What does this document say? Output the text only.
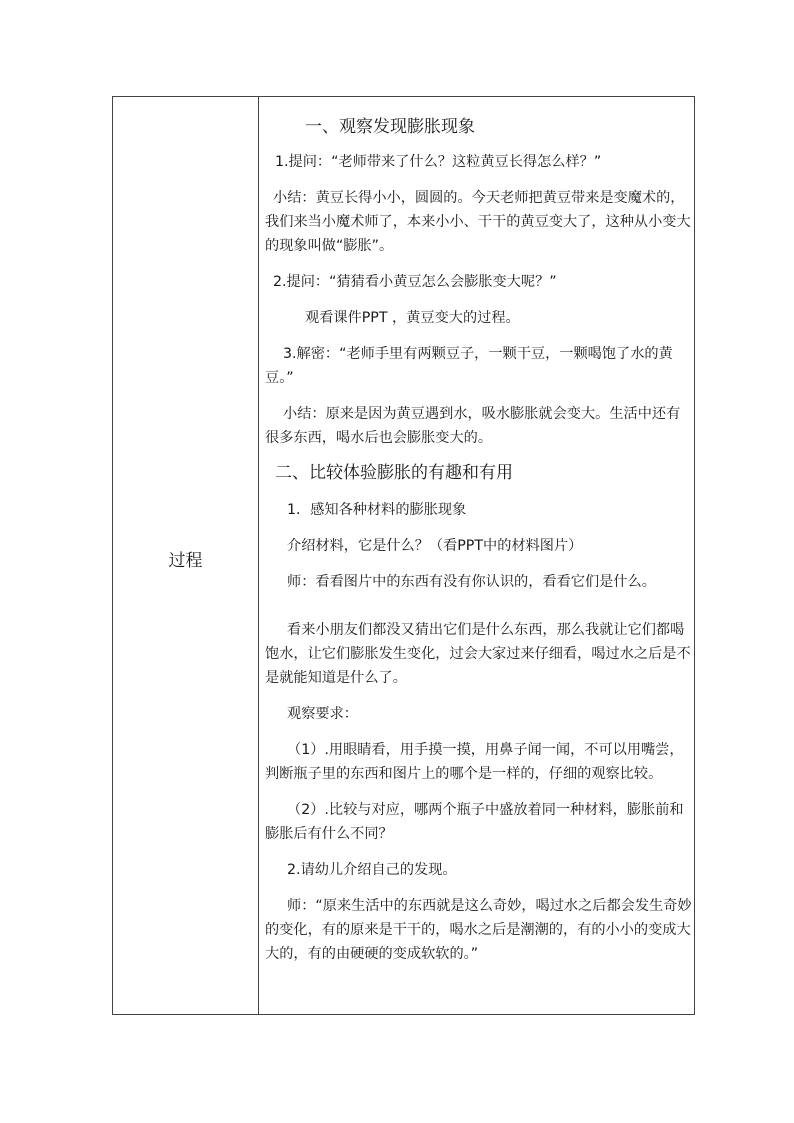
过程

一、观察发现膨胀现象

1.提问：“老师带来了什么？这粒黄豆长得怎么样？”

小结：黄豆长得小小，圆圆的。今天老师把黄豆带来是变魔术的，我们来当小魔术师了，本来小小、干干的黄豆变大了，这种从小变大的现象叫做“膨胀”。

2.提问：“猜猜看小黄豆怎么会膨胀变大呢？”

观看课件PPT ，黄豆变大的过程。

3.解密：“老师手里有两颗豆子，一颗干豆，一颗喝饱了水的黄豆。”

小结：原来是因为黄豆遇到水，吸水膨胀就会变大。生活中还有很多东西，喝水后也会膨胀变大的。

二、比较体验膨胀的有趣和有用

1．感知各种材料的膨胀现象

介绍材料，它是什么？（看PPT中的材料图片）

师：看看图片中的东西有没有你认识的，看看它们是什么。

看来小朋友们都没又猜出它们是什么东西，那么我就让它们都喝饱水，让它们膨胀发生变化，过会大家过来仔细看，喝过水之后是不是就能知道是什么了。

观察要求：

（1）.用眼睛看，用手摸一摸，用鼻子闻一闻，不可以用嘴尝，判断瓶子里的东西和图片上的哪个是一样的，仔细的观察比较。

（2）.比较与对应，哪两个瓶子中盛放着同一种材料，膨胀前和膨胀后有什么不同？

2.请幼儿介绍自己的发现。

师：“原来生活中的东西就是这么奇妙，喝过水之后都会发生奇妙的变化，有的原来是干干的，喝水之后是潮潮的，有的小小的变成大大的，有的由硬硬的变成软软的。”
